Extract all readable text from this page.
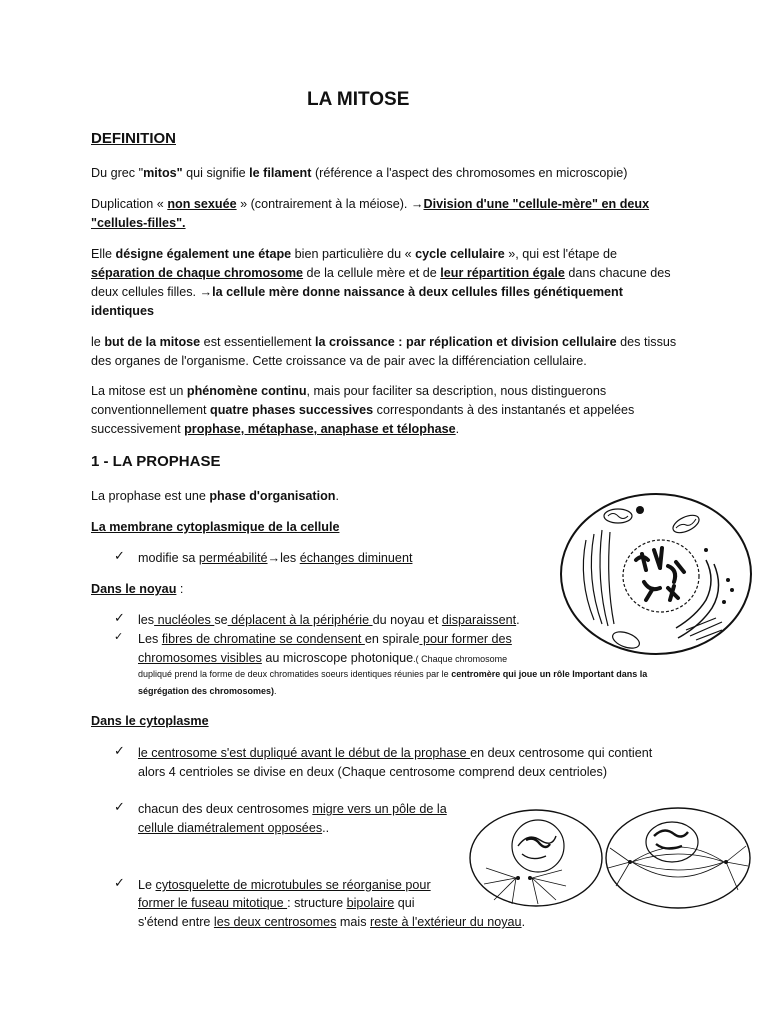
LA MITOSE
DEFINITION
Du grec "mitos" qui signifie le filament (référence a l'aspect des chromosomes en microscopie)
Duplication « non sexuée » (contrairement à la méiose). →Division d'une "cellule-mère" en deux
"cellules-filles".
Elle désigne également une étape bien particulière du « cycle cellulaire », qui est l'étape de
séparation de chaque chromosome de la cellule mère et de leur répartition égale dans chacune des
deux cellules filles. →la cellule mère donne naissance à deux cellules filles génétiquement
identiques
le but de la mitose est essentiellement la croissance : par réplication et division cellulaire des tissus
des organes de l'organisme. Cette croissance va de pair avec la différenciation cellulaire.
La mitose est un phénomène continu, mais pour faciliter sa description, nous distinguerons
conventionnellement quatre phases successives correspondants à des instantanés et appelées
successivement prophase, métaphase, anaphase et télophase.
1 - LA PROPHASE
La prophase est une phase d'organisation.
La membrane cytoplasmique de la cellule
✓ modifie sa perméabilité→les échanges diminuent
Dans le noyau :
✓ les nucléoles se déplacent à la périphérie du noyau et disparaissent.
✓ Les fibres de chromatine se condensent en spirale pour former des
chromosomes visibles au microscope photonique.( Chaque chromosome
dupliqué prend la forme de deux chromatides soeurs identiques réunies par le centromère qui joue un rôle Important dans la
ségrégation des chromosomes).
Dans le cytoplasme
✓ le centrosome s'est dupliqué avant le début de la prophase en deux centrosome qui contient
alors 4 centrioles se divise en deux (Chaque centrosome comprend deux centrioles)
✓ chacun des deux centrosomes migre vers un pôle de la
cellule diamétralement opposées..
✓ Le cytosquelette de microtubules se réorganise pour
former le fuseau mitotique : structure bipolaire qui
s'étend entre les deux centrosomes mais reste à l'extérieur du noyau.
